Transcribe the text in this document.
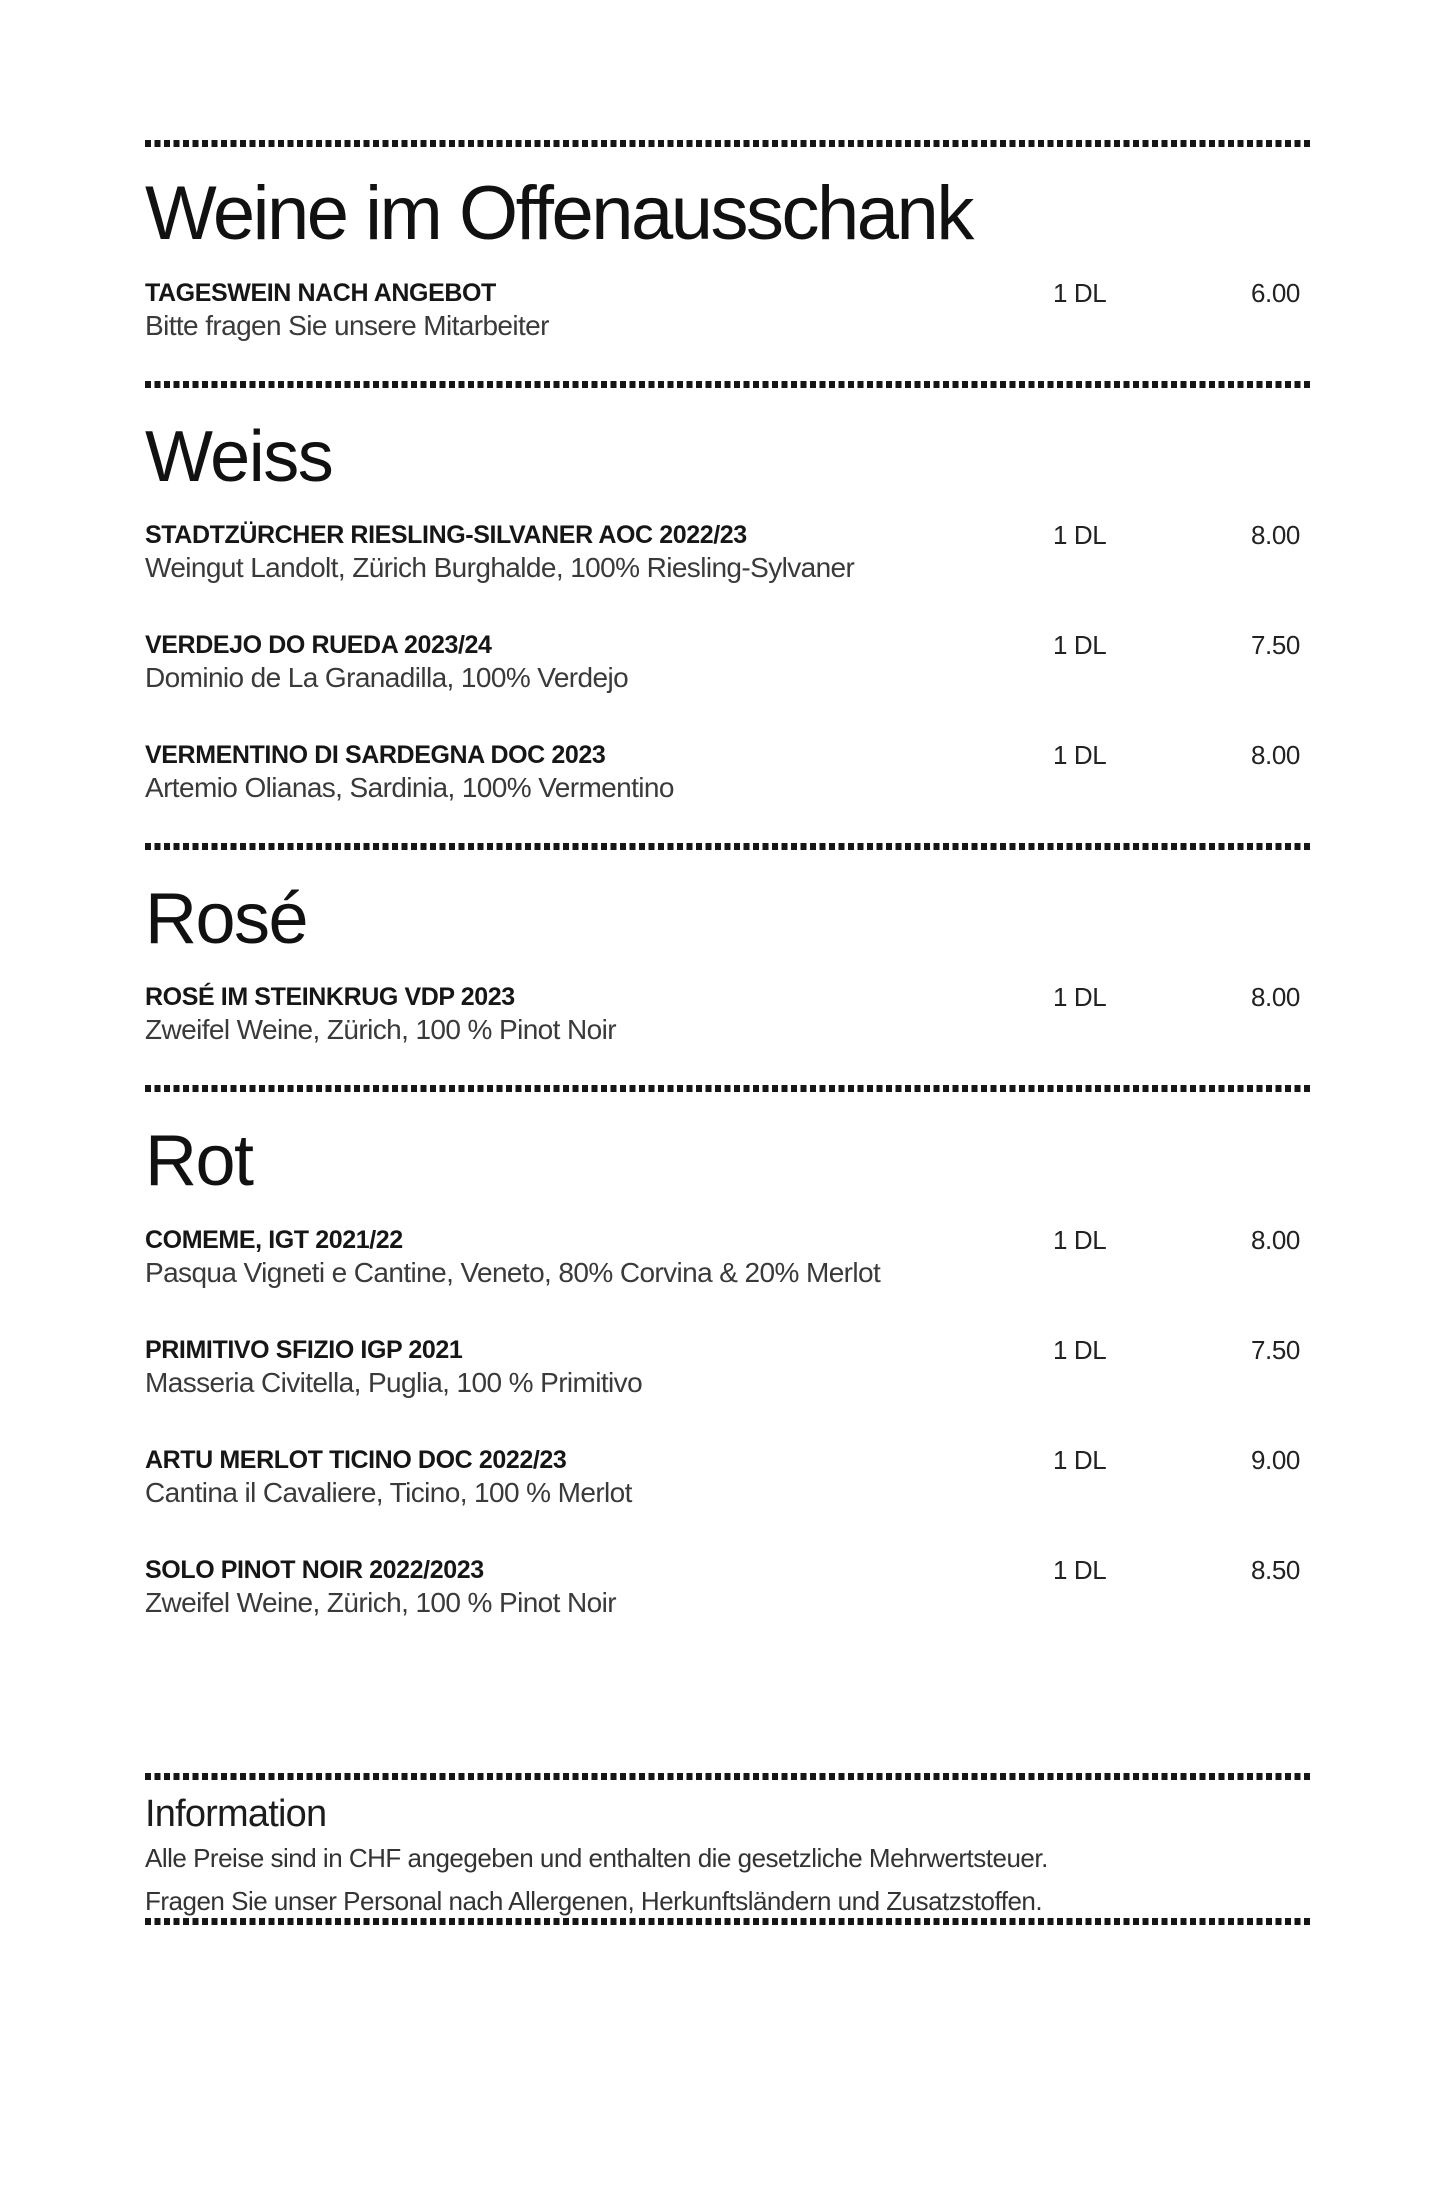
Weine im Offenausschank
TAGESWEIN NACH ANGEBOT
Bitte fragen Sie unsere Mitarbeiter
1 DL	6.00
Weiss
STADTZÜRCHER RIESLING-SILVANER AOC 2022/23
Weingut Landolt, Zürich Burghalde, 100% Riesling-Sylvaner
1 DL	8.00
VERDEJO DO RUEDA 2023/24
Dominio de La Granadilla, 100% Verdejo
1 DL	7.50
VERMENTINO DI SARDEGNA DOC 2023
Artemio Olianas, Sardinia, 100% Vermentino
1 DL	8.00
Rosé
ROSÉ IM STEINKRUG VDP 2023
Zweifel Weine, Zürich, 100 % Pinot Noir
1 DL	8.00
Rot
COMEME, IGT 2021/22
Pasqua Vigneti e Cantine, Veneto, 80% Corvina & 20% Merlot
1 DL	8.00
PRIMITIVO SFIZIO IGP 2021
Masseria Civitella, Puglia, 100 % Primitivo
1 DL	7.50
ARTU MERLOT TICINO DOC 2022/23
Cantina il Cavaliere, Ticino, 100 % Merlot
1 DL	9.00
SOLO PINOT NOIR 2022/2023
Zweifel Weine, Zürich, 100 % Pinot Noir
1 DL	8.50
Information

Alle Preise sind in CHF angegeben und enthalten die gesetzliche Mehrwertsteuer.

Fragen Sie unser Personal nach Allergenen, Herkunftsländern und Zusatzstoffen.
